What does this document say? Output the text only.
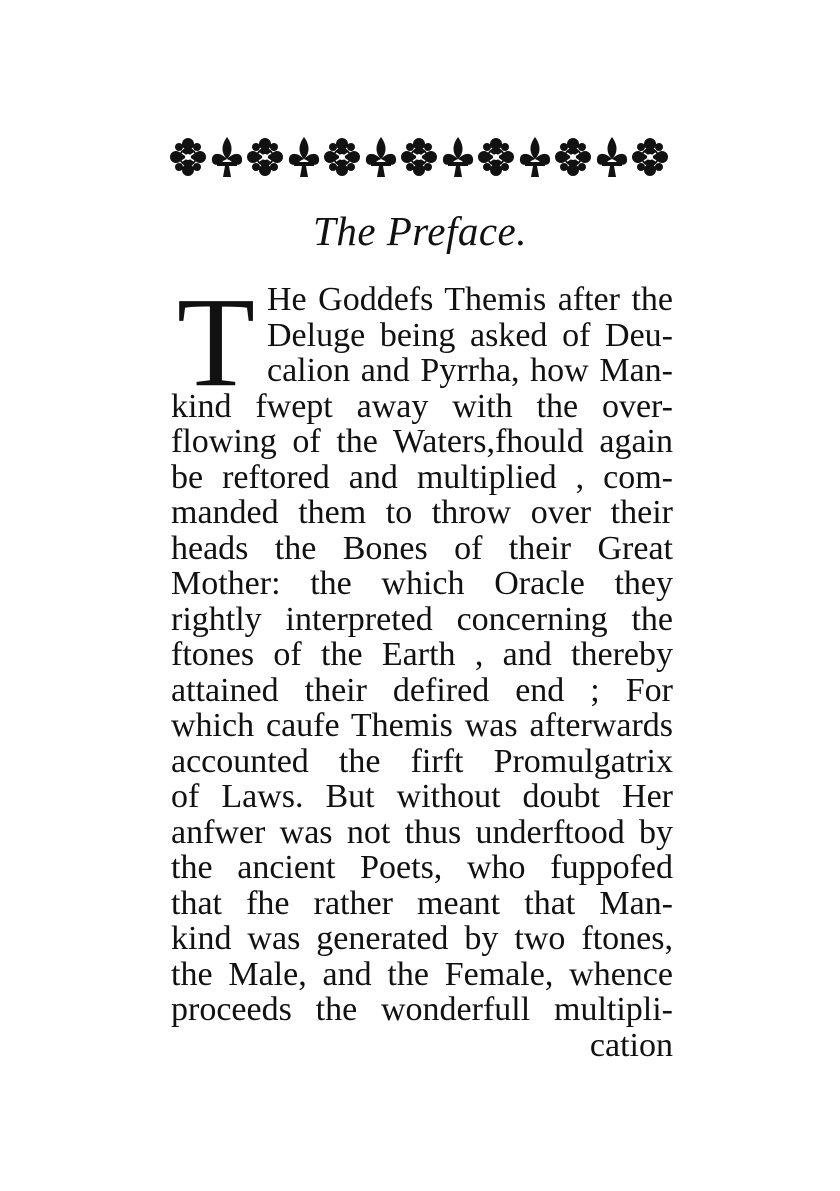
The Preface.
T He Goddefs Themis after the
Deluge being asked of Deu-
calion and Pyrrha, how Man-
kind fwept away with the over-
flowing of the Waters,fhould again
be reftored and multiplied , com-
manded them to throw over their
heads the Bones of their Great
Mother: the which Oracle they
rightly interpreted concerning the
ftones of the Earth , and thereby
attained their defired end ; For
which caufe Themis was afterwards
accounted the firft Promulgatrix
of Laws. But without doubt Her
anfwer was not thus underftood by
the ancient Poets, who fuppofed
that fhe rather meant that Man-
kind was generated by two ftones,
the Male, and the Female, whence
proceeds the wonderfull multipli-
cation
